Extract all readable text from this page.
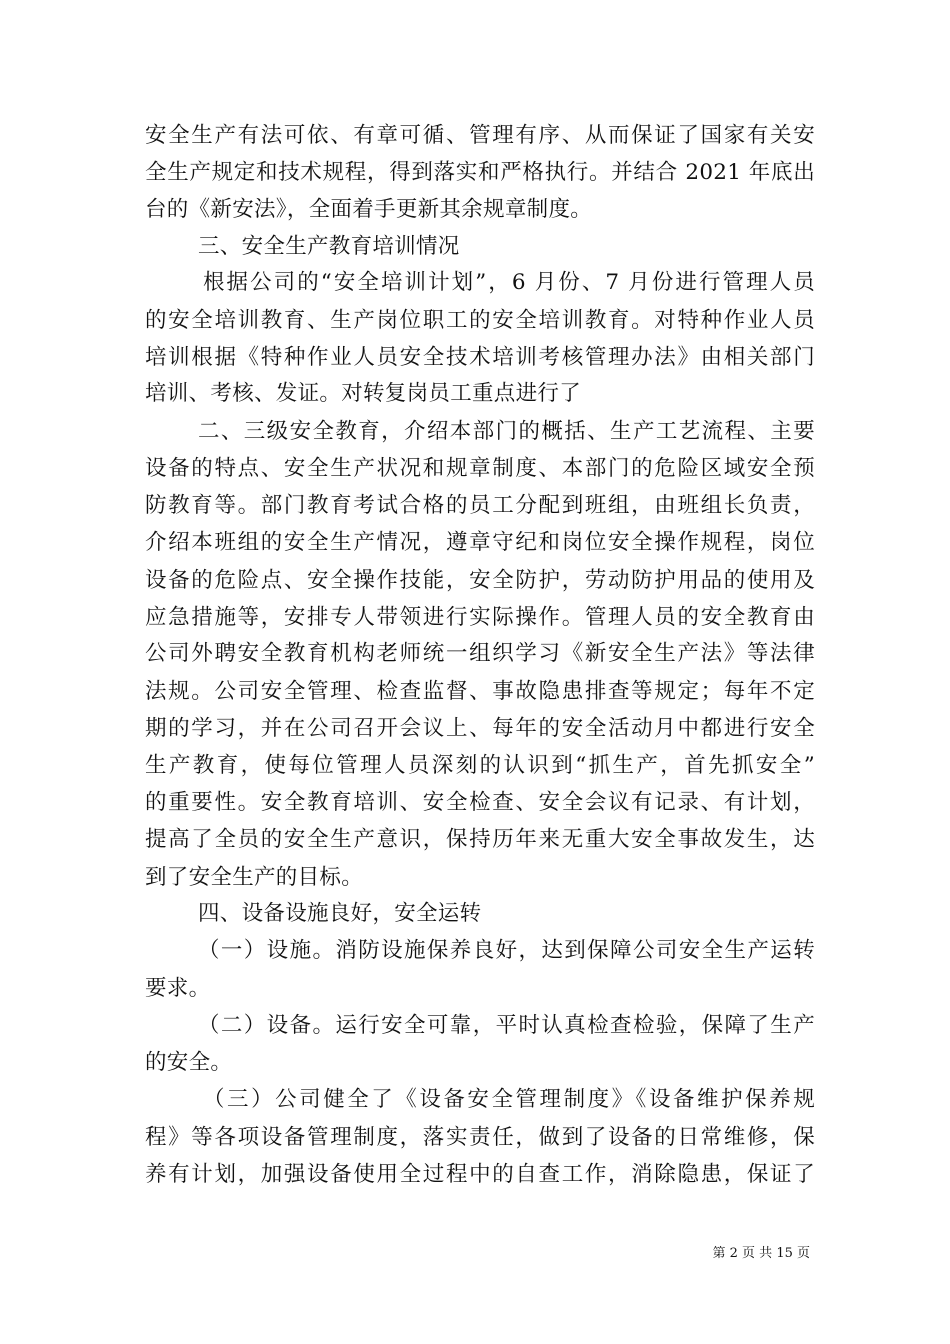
安全生产有法可依、有章可循、管理有序、从而保证了国家有关安
全生产规定和技术规程，得到落实和严格执行。并结合 2021 年底出
台的《新安法》，全面着手更新其余规章制度。
三、安全生产教育培训情况
根据公司的“安全培训计划”，6 月份、7 月份进行管理人员
的安全培训教育、生产岗位职工的安全培训教育。对特种作业人员
培训根据《特种作业人员安全技术培训考核管理办法》由相关部门
培训、考核、发证。对转复岗员工重点进行了
二、三级安全教育，介绍本部门的概括、生产工艺流程、主要
设备的特点、安全生产状况和规章制度、本部门的危险区域安全预
防教育等。部门教育考试合格的员工分配到班组，由班组长负责，
介绍本班组的安全生产情况，遵章守纪和岗位安全操作规程，岗位
设备的危险点、安全操作技能，安全防护，劳动防护用品的使用及
应急措施等，安排专人带领进行实际操作。管理人员的安全教育由
公司外聘安全教育机构老师统一组织学习《新安全生产法》等法律
法规。公司安全管理、检查监督、事故隐患排查等规定；每年不定
期的学习，并在公司召开会议上、每年的安全活动月中都进行安全
生产教育，使每位管理人员深刻的认识到“抓生产，首先抓安全”
的重要性。安全教育培训、安全检查、安全会议有记录、有计划，
提高了全员的安全生产意识，保持历年来无重大安全事故发生，达
到了安全生产的目标。
四、设备设施良好，安全运转
（一）设施。消防设施保养良好，达到保障公司安全生产运转
要求。
（二）设备。运行安全可靠，平时认真检查检验，保障了生产
的安全。
（三）公司健全了《设备安全管理制度》《设备维护保养规
程》等各项设备管理制度，落实责任，做到了设备的日常维修，保
养有计划，加强设备使用全过程中的自查工作，消除隐患，保证了
第 2 页 共 15 页
